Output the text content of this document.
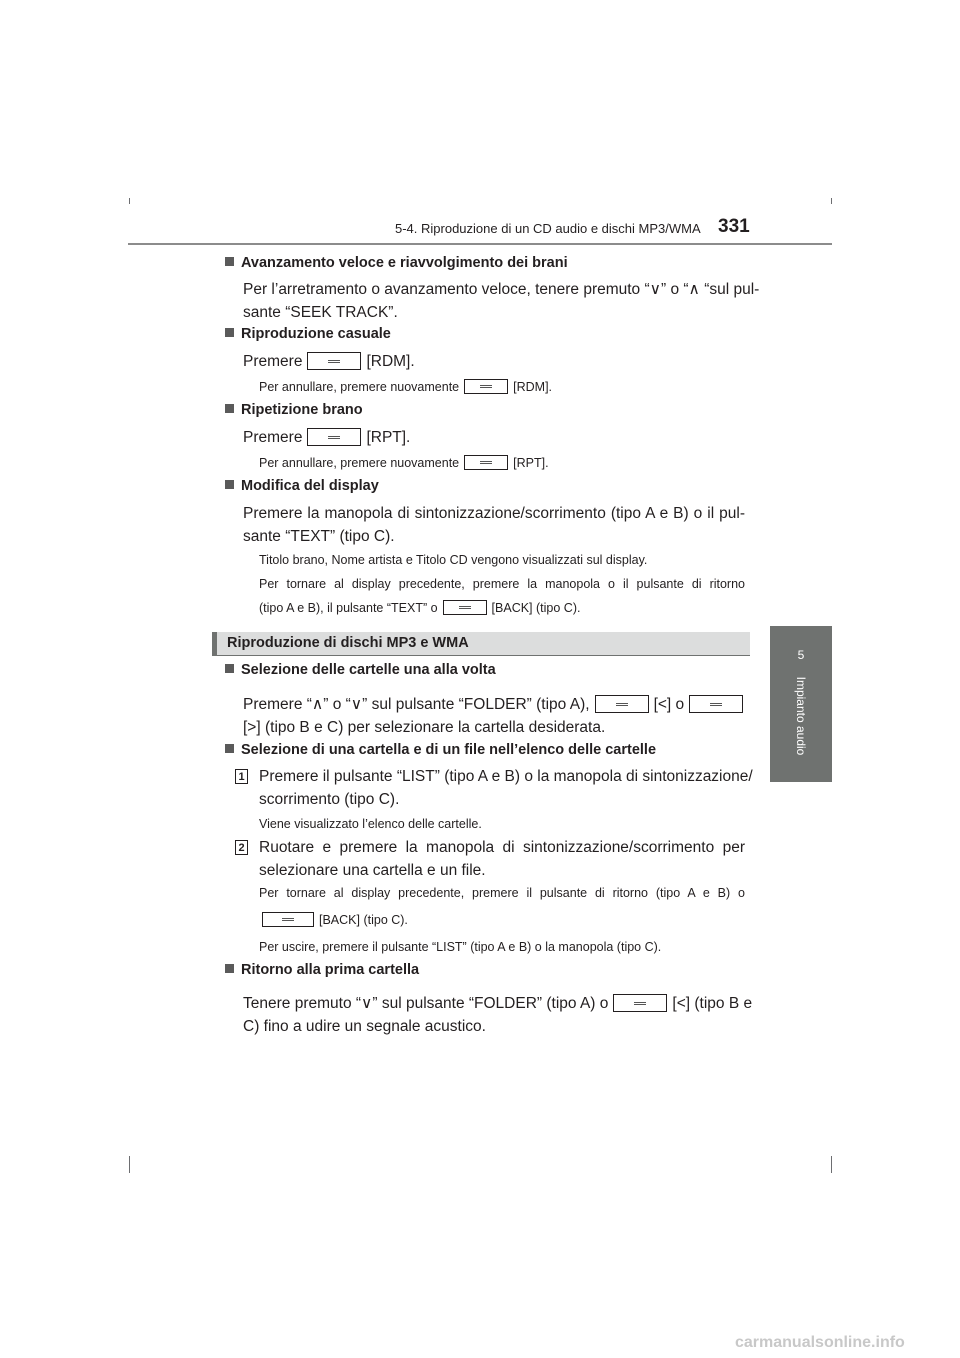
5-4. Riproduzione di un CD audio e dischi MP3/WMA 331
5
Impianto audio
Avanzamento veloce e riavvolgimento dei brani
Per l’arretramento o avanzamento veloce, tenere premuto “∨” o “∧ “sul pul-
sante “SEEK TRACK”.
Riproduzione casuale
Premere	[RDM].
Per annullare, premere nuovamente	[RDM].
Ripetizione brano
Premere	[RPT].
Per annullare, premere nuovamente	[RPT].
Modifica del display
Premere la manopola di sintonizzazione/scorrimento (tipo A e B) o il pul-
sante “TEXT” (tipo C).
Titolo brano, Nome artista e Titolo CD vengono visualizzati sul display.
Per tornare al display precedente, premere la manopola o il pulsante di ritorno
(tipo A e B), il pulsante “TEXT” o	[BACK] (tipo C).
Riproduzione di dischi MP3 e WMA
Selezione delle cartelle una alla volta
Premere “∧” o “∨” sul pulsante “FOLDER” (tipo A),	[<] o
[>] (tipo B e C) per selezionare la cartella desiderata.
Selezione di una cartella e di un file nell’elenco delle cartelle
1 Premere il pulsante “LIST” (tipo A e B) o la manopola di sintonizzazione/
scorrimento (tipo C).
Viene visualizzato l’elenco delle cartelle.
2 Ruotare e premere la manopola di sintonizzazione/scorrimento per
selezionare una cartella e un file.
Per tornare al display precedente, premere il pulsante di ritorno (tipo A e B) o
[BACK] (tipo C).
Per uscire, premere il pulsante “LIST” (tipo A e B) o la manopola (tipo C).
Ritorno alla prima cartella
Tenere premuto “∨” sul pulsante “FOLDER” (tipo A) o	[<] (tipo B e
C) fino a udire un segnale acustico.
carmanualsonline.info
